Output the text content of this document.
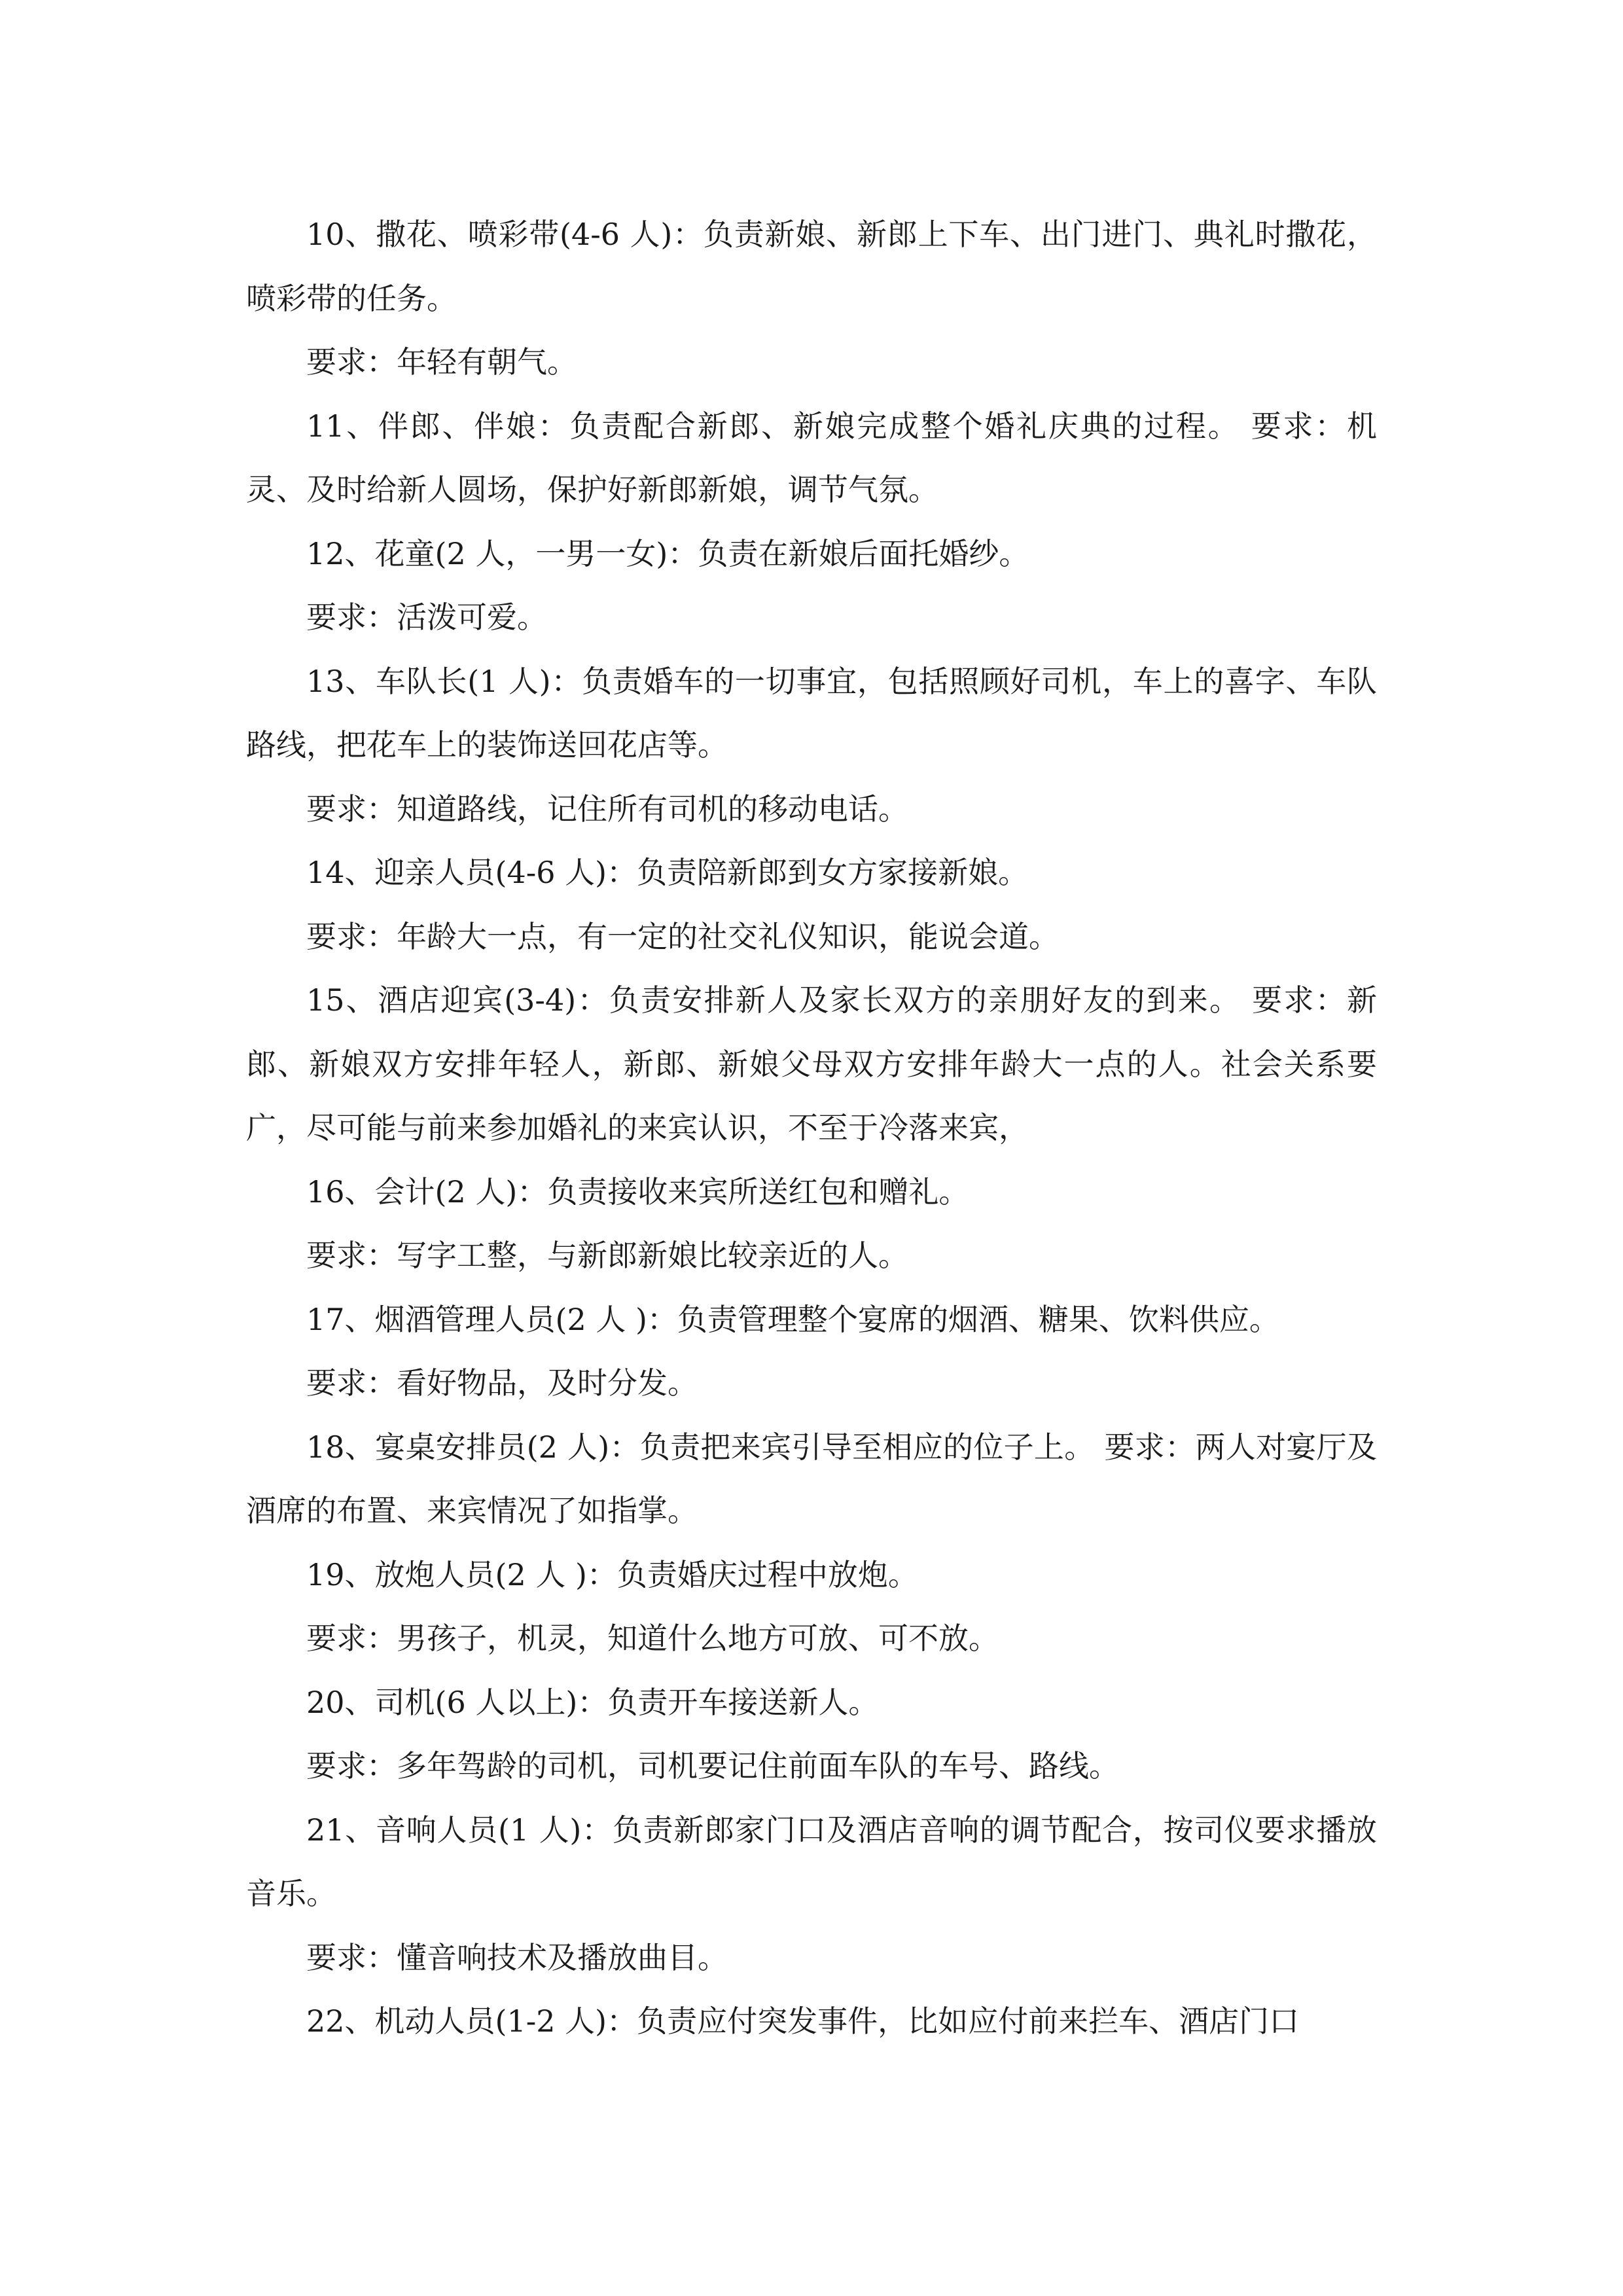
10、撒花、喷彩带(4-6 人)：负责新娘、新郎上下车、出门进门、典礼时撒花，喷彩带的任务。

要求：年轻有朝气。

11、伴郎、伴娘：负责配合新郎、新娘完成整个婚礼庆典的过程。 要求：机灵、及时给新人圆场，保护好新郎新娘，调节气氛。

12、花童(2 人，一男一女)：负责在新娘后面托婚纱。

要求：活泼可爱。

13、车队长(1 人)：负责婚车的一切事宜，包括照顾好司机，车上的喜字、车队路线，把花车上的装饰送回花店等。

要求：知道路线，记住所有司机的移动电话。

14、迎亲人员(4-6 人)：负责陪新郎到女方家接新娘。

要求：年龄大一点，有一定的社交礼仪知识，能说会道。

15、酒店迎宾(3-4)：负责安排新人及家长双方的亲朋好友的到来。 要求：新郎、新娘双方安排年轻人，新郎、新娘父母双方安排年龄大一点的人。社会关系要广，尽可能与前来参加婚礼的来宾认识，不至于冷落来宾，

16、会计(2 人)：负责接收来宾所送红包和赠礼。

要求：写字工整，与新郎新娘比较亲近的人。

17、烟酒管理人员(2 人 )：负责管理整个宴席的烟酒、糖果、饮料供应。

要求：看好物品，及时分发。

18、宴桌安排员(2 人)：负责把来宾引导至相应的位子上。 要求：两人对宴厅及酒席的布置、来宾情况了如指掌。

19、放炮人员(2 人 )：负责婚庆过程中放炮。

要求：男孩子，机灵，知道什么地方可放、可不放。

20、司机(6 人以上)：负责开车接送新人。

要求：多年驾龄的司机，司机要记住前面车队的车号、路线。

21、音响人员(1 人)：负责新郎家门口及酒店音响的调节配合，按司仪要求播放音乐。

要求：懂音响技术及播放曲目。

22、机动人员(1-2 人)：负责应付突发事件，比如应付前来拦车、酒店门口
